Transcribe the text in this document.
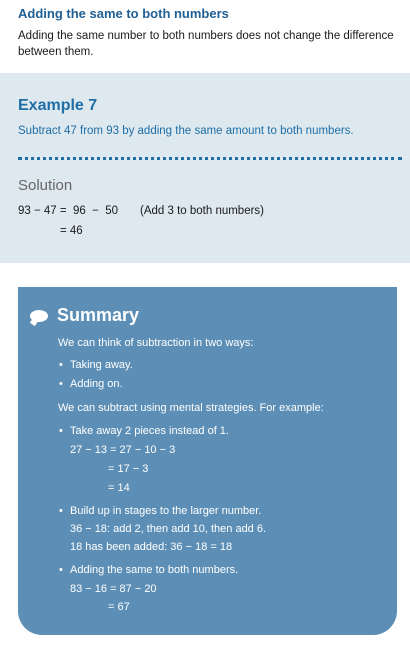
Adding the same to both numbers
Adding the same number to both numbers does not change the difference between them.
Example 7
Subtract 47 from 93 by adding the same amount to both numbers.
Solution
93 − 47 =  96  −  50 (Add 3 to both numbers)
= 46
Summary
We can think of subtraction in two ways:
• Taking away.
• Adding on.
We can subtract using mental strategies. For example:
• Take away 2 pieces instead of 1.
27 − 13 = 27 − 10 − 3
= 17 − 3
= 14
• Build up in stages to the larger number.
36 − 18: add 2, then add 10, then add 6.
18 has been added: 36 − 18 = 18
• Adding the same to both numbers.
83 − 16 = 87 − 20
= 67
